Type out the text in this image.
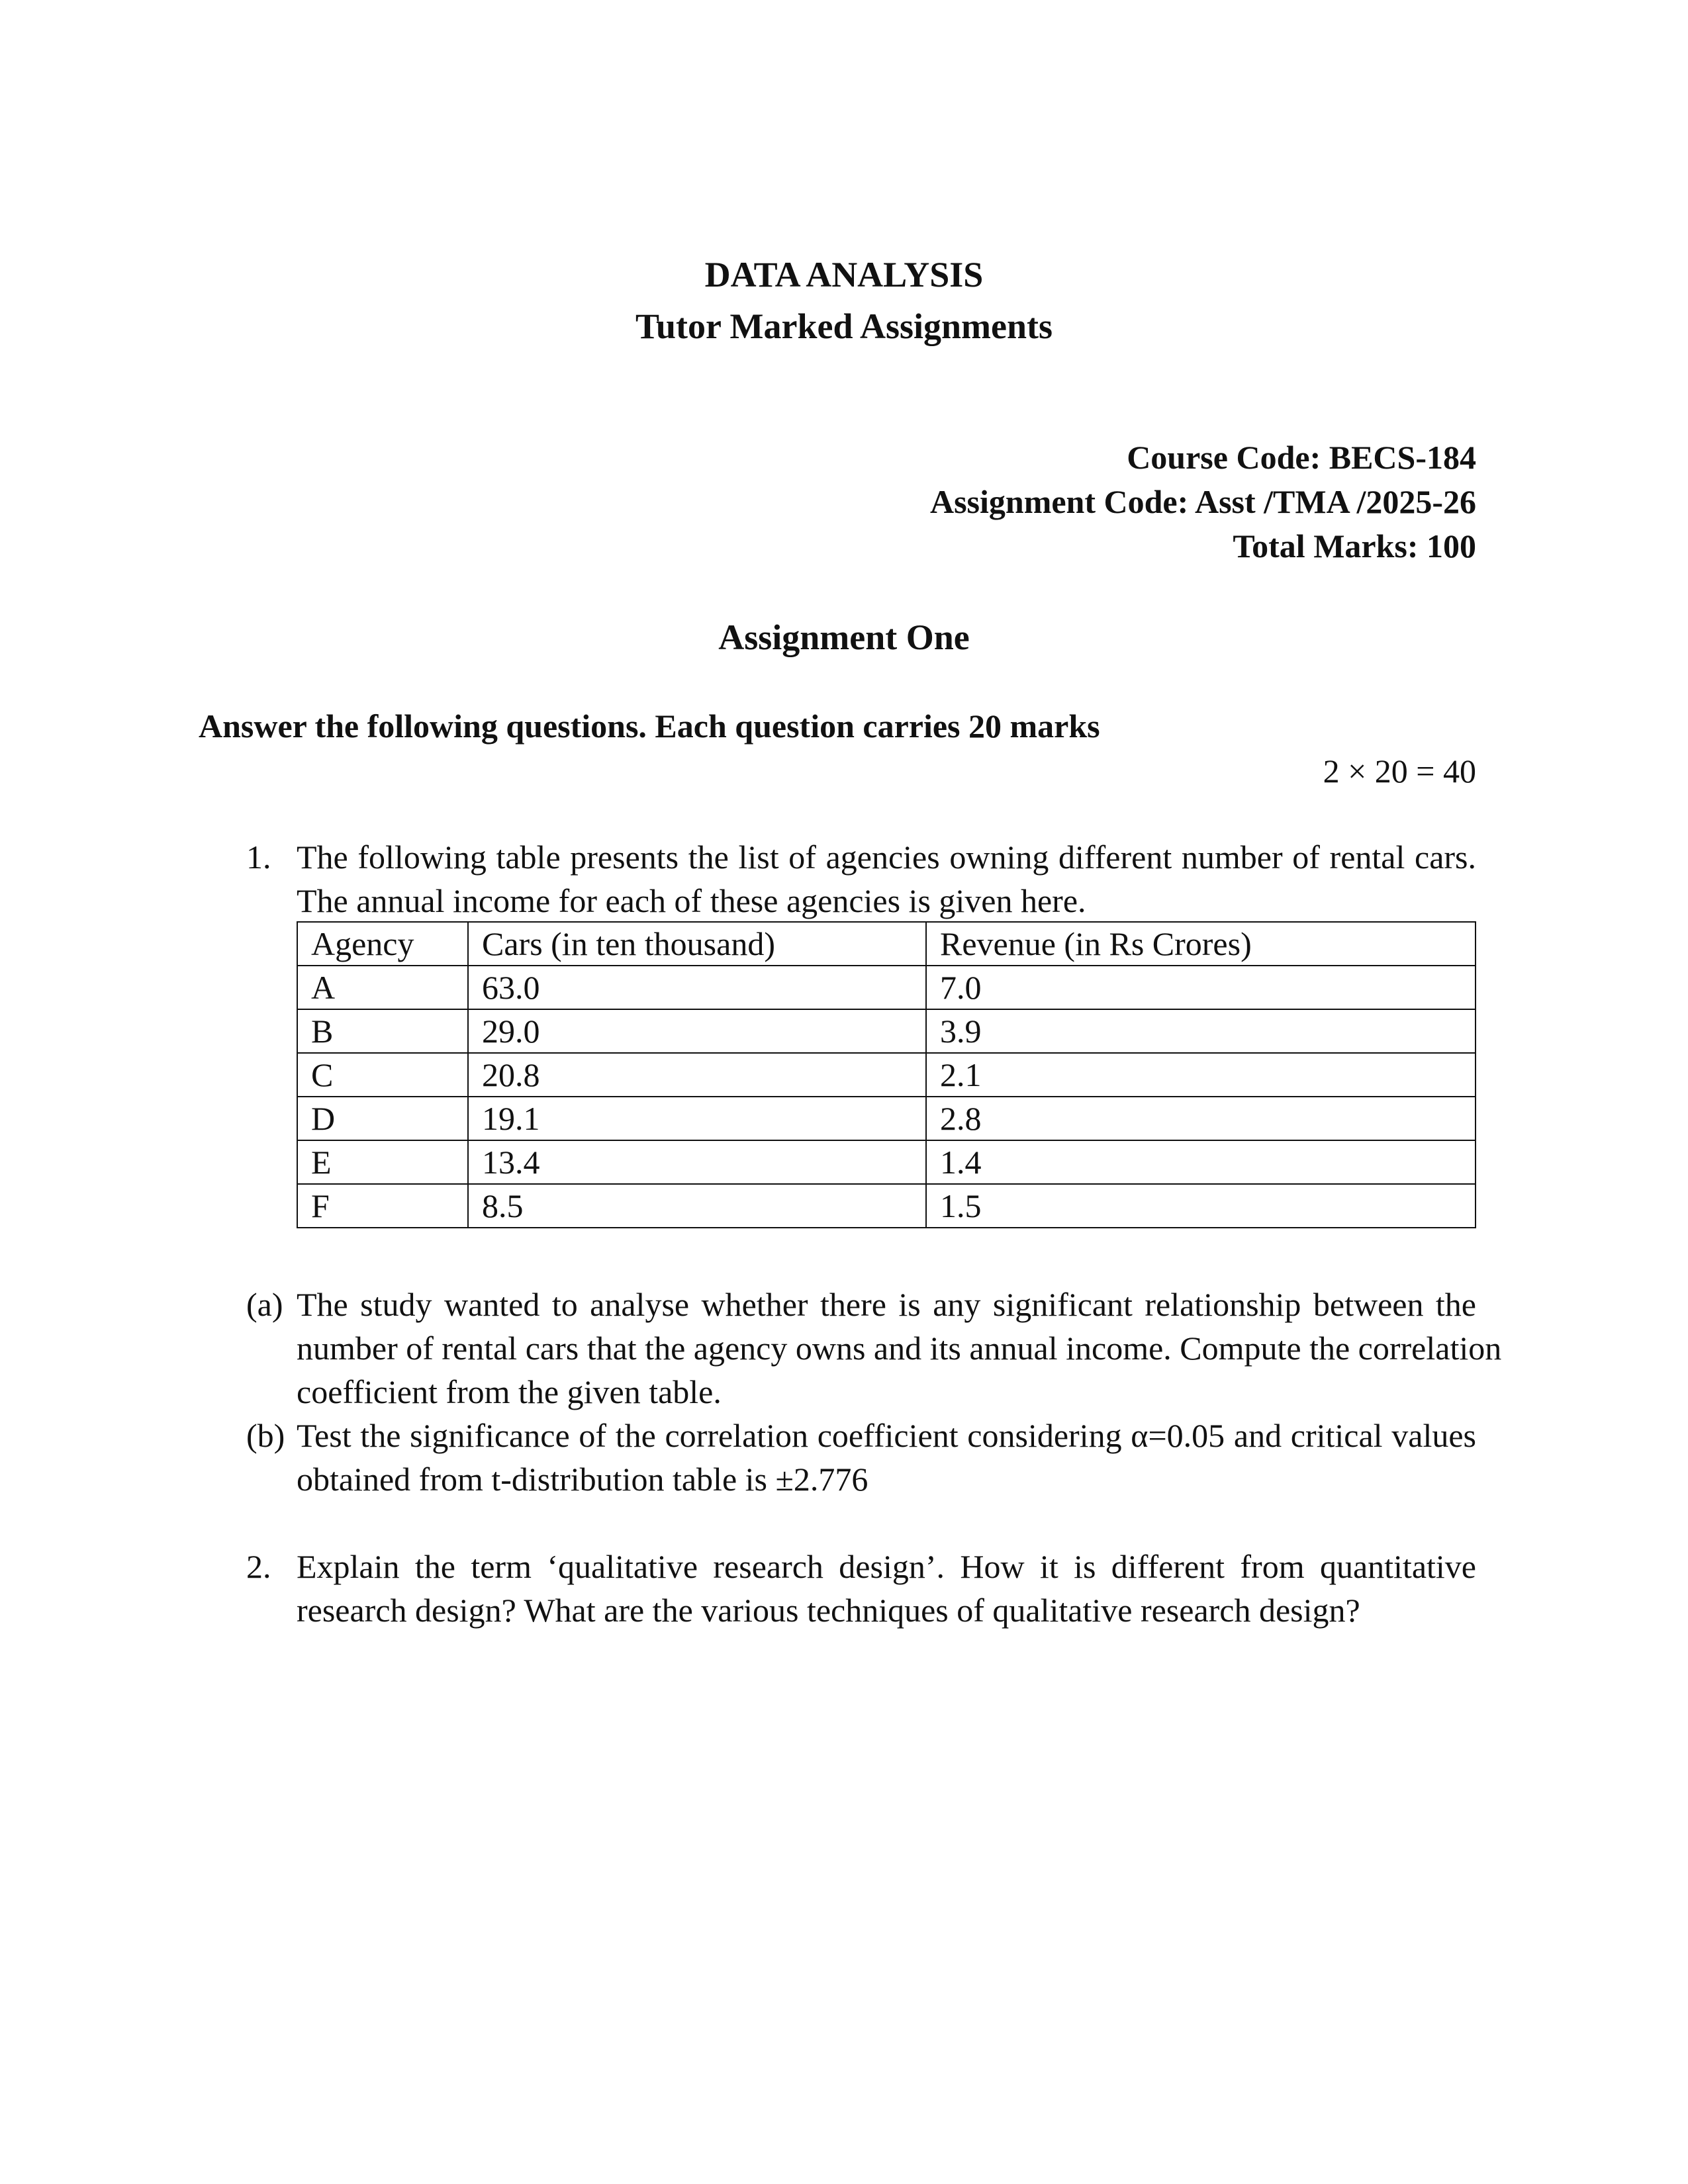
DATA ANALYSIS
Tutor Marked Assignments
Course Code: BECS-184
Assignment Code: Asst /TMA /2025-26
Total Marks: 100
Assignment One
Answer the following questions. Each question carries 20 marks
2 × 20 = 40
1. The following table presents the list of agencies owning different number of rental cars.
The annual income for each of these agencies is given here.
Agency	Cars (in ten thousand)	Revenue (in Rs Crores)
A	63.0	7.0
B	29.0	3.9
C	20.8	2.1
D	19.1	2.8
E	13.4	1.4
F	8.5	1.5
(a) The study wanted to analyse whether there is any significant relationship between the
number of rental cars that the agency owns and its annual income. Compute the correlation
coefficient from the given table.
(b) Test the significance of the correlation coefficient considering α=0.05 and critical values
obtained from t-distribution table is ±2.776
2. Explain the term ‘qualitative research design’. How it is different from quantitative
research design? What are the various techniques of qualitative research design?
